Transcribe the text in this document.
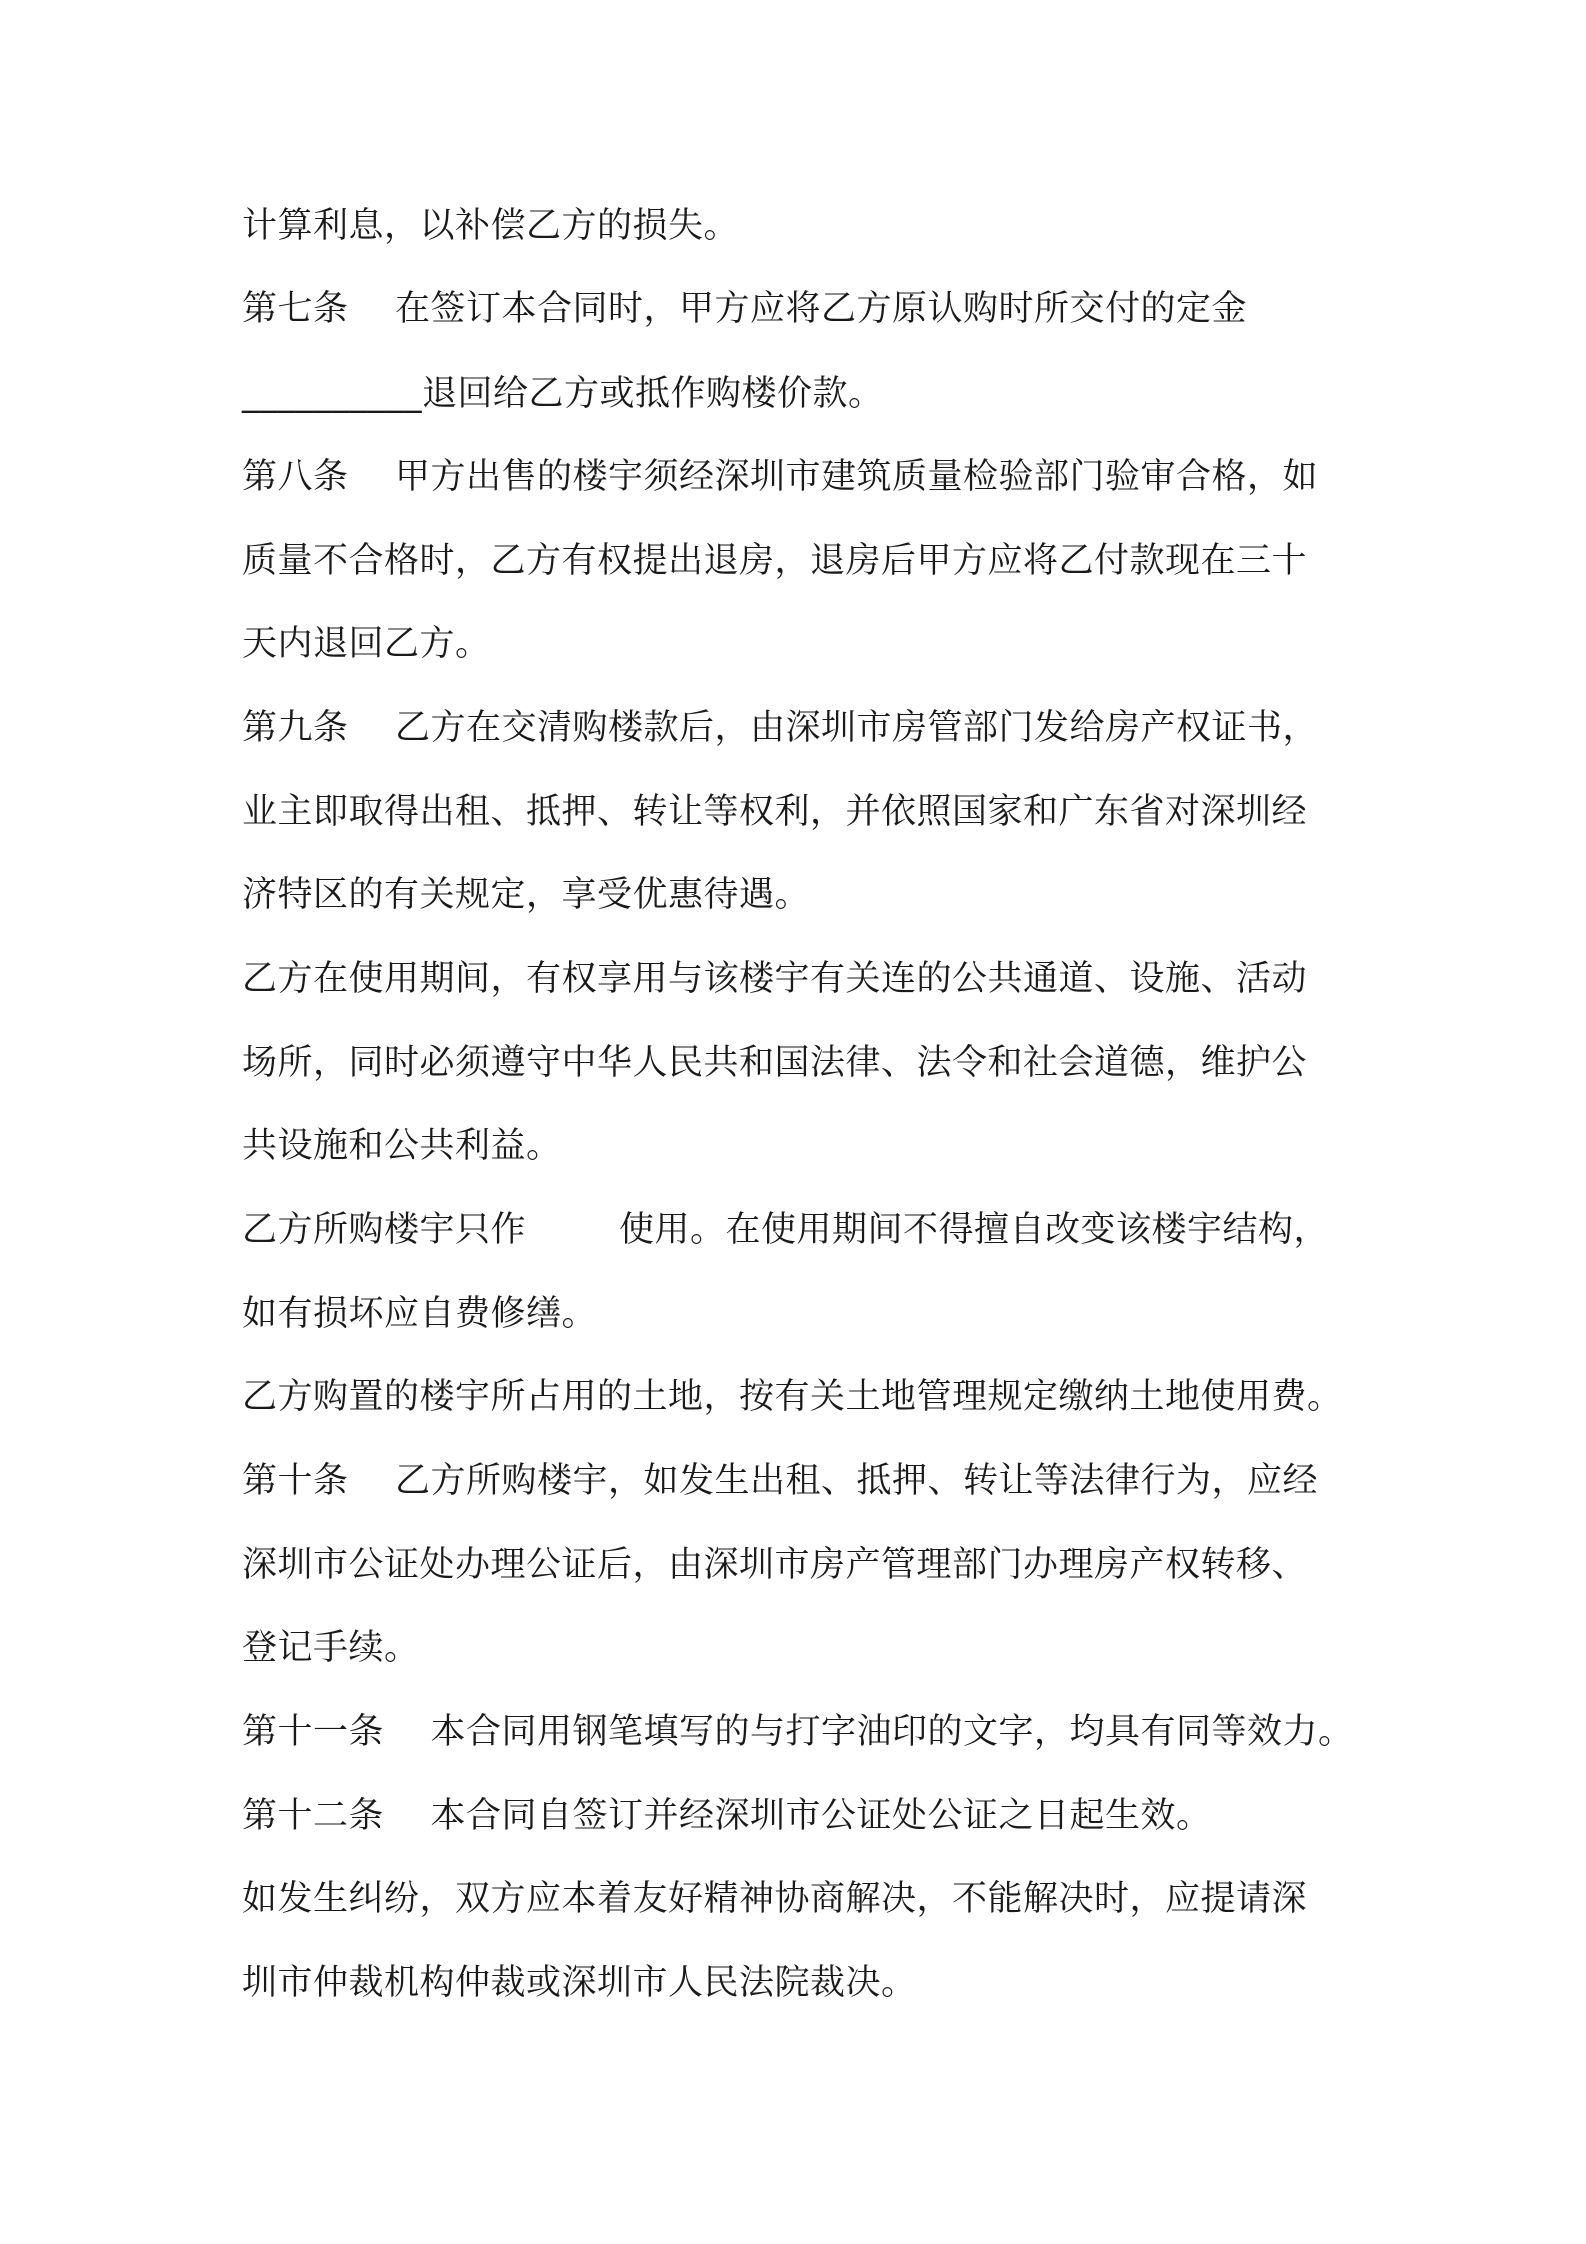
计算利息，以补偿乙方的损失。
第七条    在签订本合同时，甲方应将乙方原认购时所交付的定金
__________退回给乙方或抵作购楼价款。
第八条    甲方出售的楼宇须经深圳市建筑质量检验部门验审合格，如
质量不合格时，乙方有权提出退房，退房后甲方应将乙付款现在三十
天内退回乙方。
第九条    乙方在交清购楼款后，由深圳市房管部门发给房产权证书，
业主即取得出租、抵押、转让等权利，并依照国家和广东省对深圳经
济特区的有关规定，享受优惠待遇。
乙方在使用期间，有权享用与该楼宇有关连的公共通道、设施、活动
场所，同时必须遵守中华人民共和国法律、法令和社会道德，维护公
共设施和公共利益。
乙方所购楼宇只作        使用。在使用期间不得擅自改变该楼宇结构，
如有损坏应自费修缮。
乙方购置的楼宇所占用的土地，按有关土地管理规定缴纳土地使用费。
第十条    乙方所购楼宇，如发生出租、抵押、转让等法律行为，应经
深圳市公证处办理公证后，由深圳市房产管理部门办理房产权转移、
登记手续。
第十一条    本合同用钢笔填写的与打字油印的文字，均具有同等效力。
第十二条    本合同自签订并经深圳市公证处公证之日起生效。
如发生纠纷，双方应本着友好精神协商解决，不能解决时，应提请深
圳市仲裁机构仲裁或深圳市人民法院裁决。
